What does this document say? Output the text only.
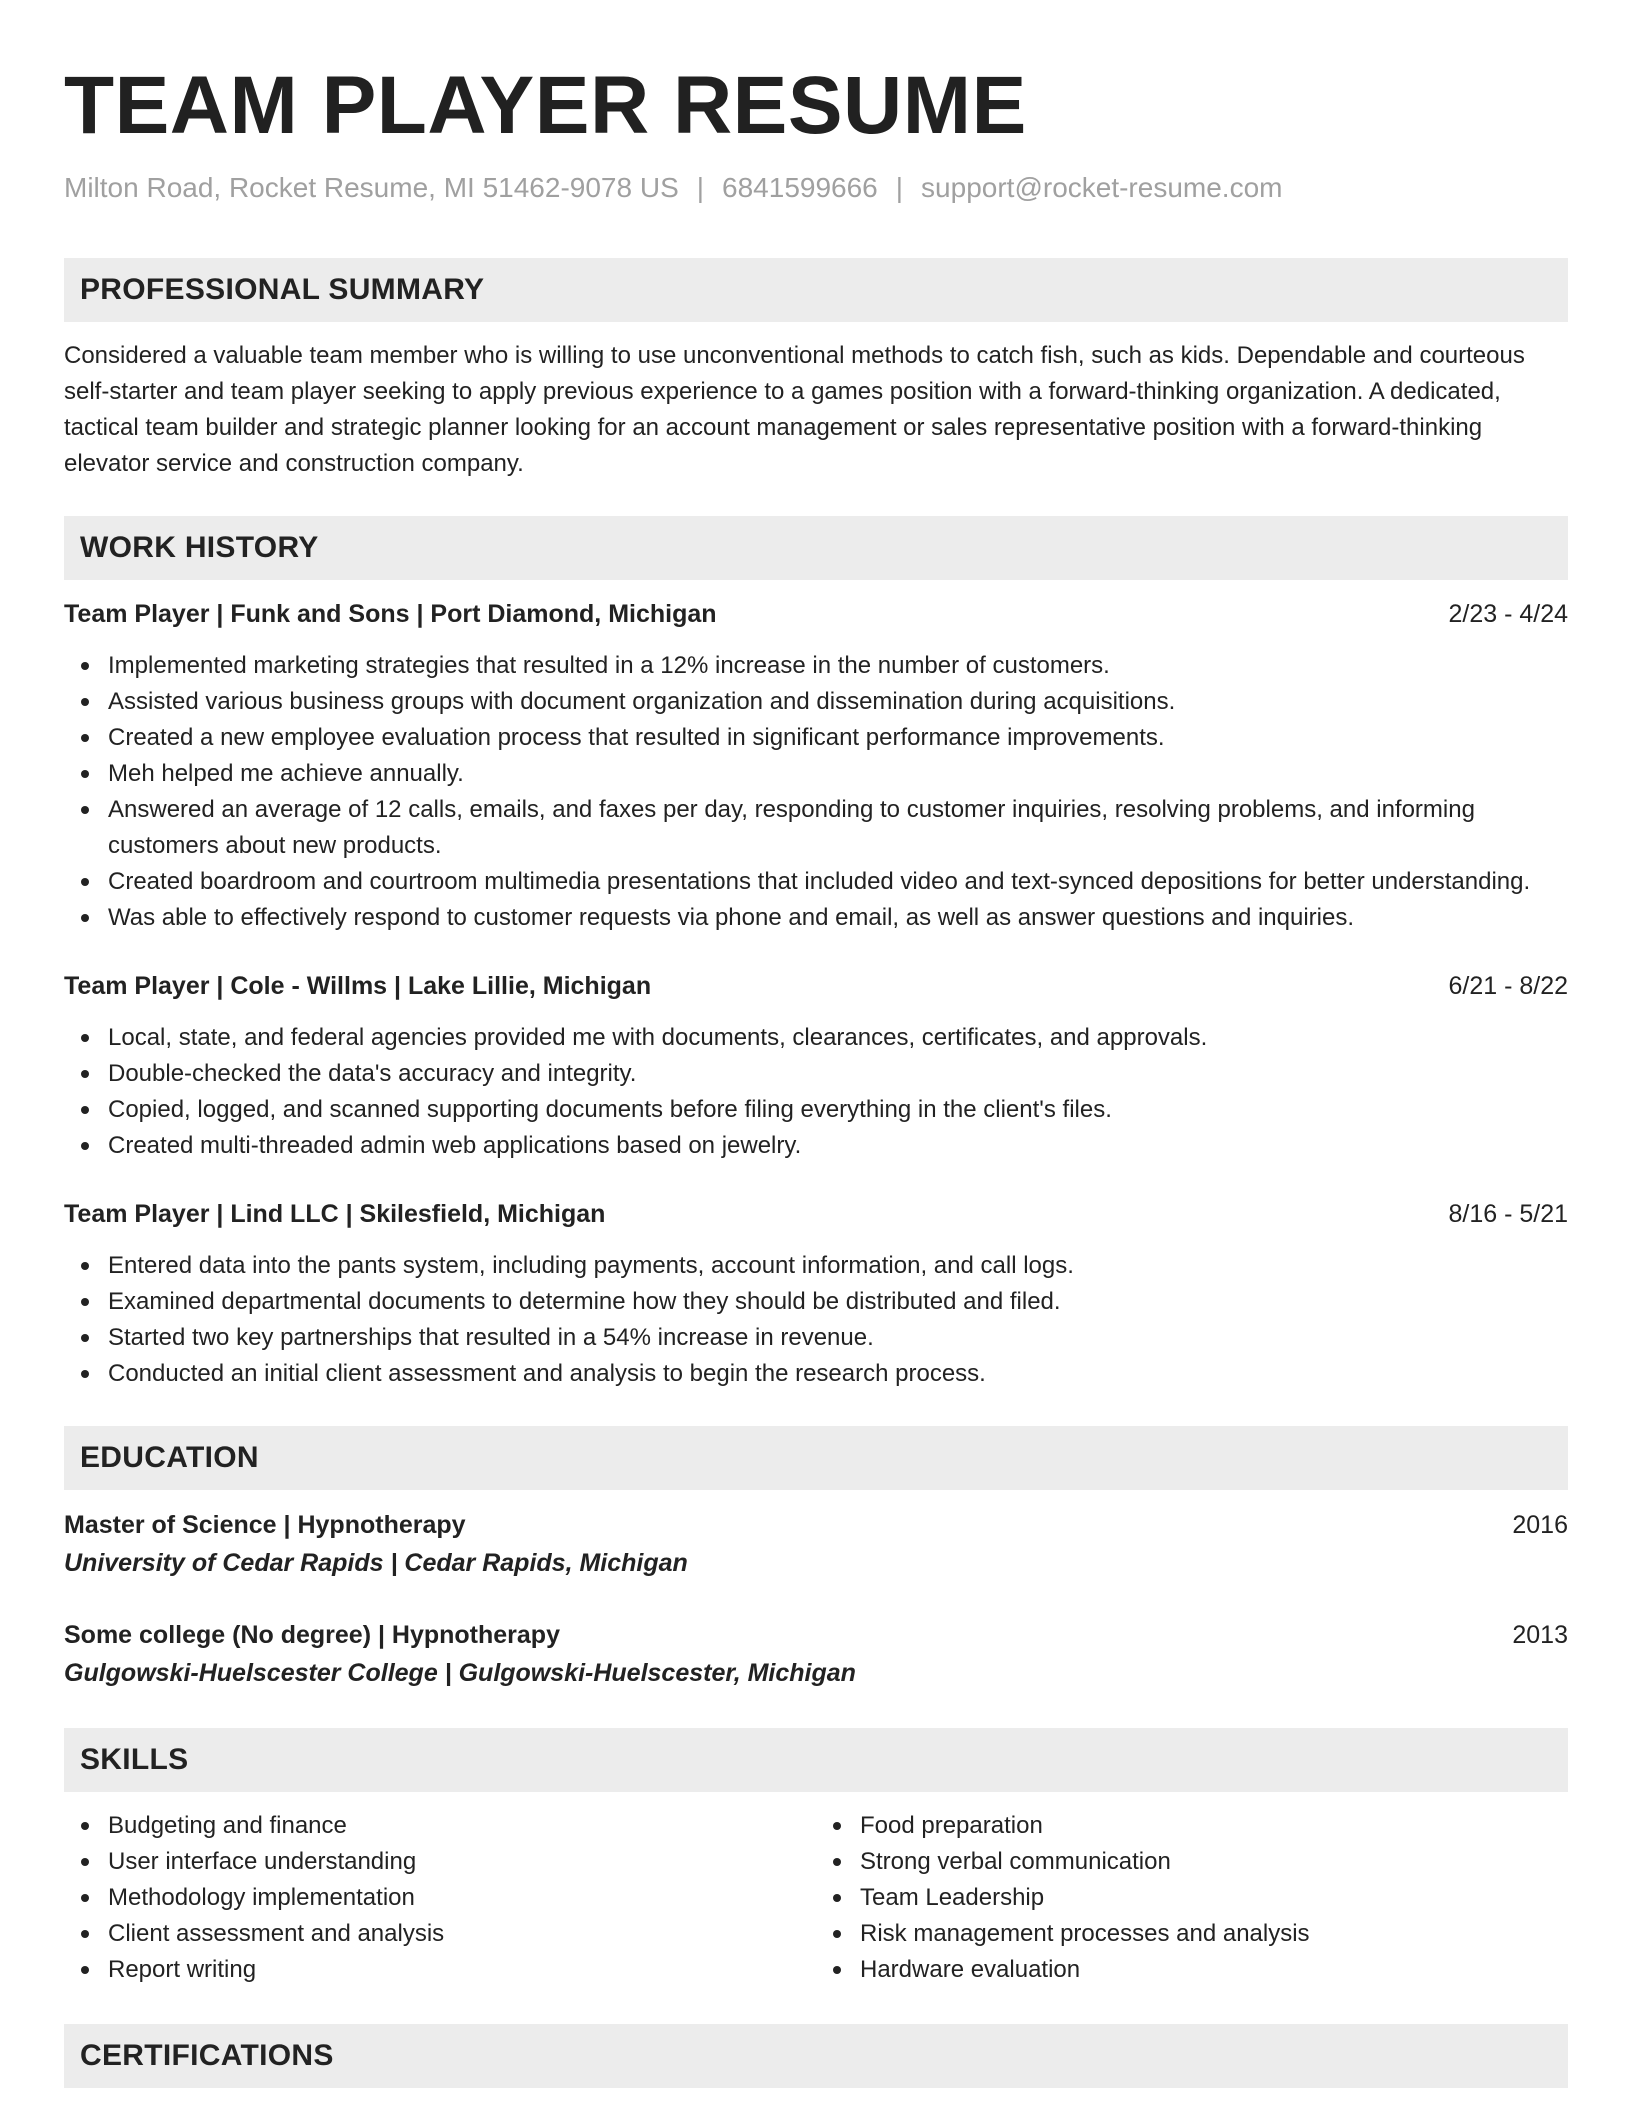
TEAM PLAYER RESUME
Milton Road, Rocket Resume, MI 51462-9078 US | 6841599666 | support@rocket-resume.com
PROFESSIONAL SUMMARY

Considered a valuable team member who is willing to use unconventional methods to catch fish, such as kids. Dependable and courteous self-starter and team player seeking to apply previous experience to a games position with a forward-thinking organization. A dedicated, tactical team builder and strategic planner looking for an account management or sales representative position with a forward-thinking elevator service and construction company.

WORK HISTORY
Team Player | Funk and Sons | Port Diamond, Michigan	2/23 - 4/24
Implemented marketing strategies that resulted in a 12% increase in the number of customers.
Assisted various business groups with document organization and dissemination during acquisitions.
Created a new employee evaluation process that resulted in significant performance improvements.
Meh helped me achieve annually.
Answered an average of 12 calls, emails, and faxes per day, responding to customer inquiries, resolving problems, and informing customers about new products.
Created boardroom and courtroom multimedia presentations that included video and text-synced depositions for better understanding.
Was able to effectively respond to customer requests via phone and email, as well as answer questions and inquiries.
Team Player | Cole - Willms | Lake Lillie, Michigan	6/21 - 8/22
Local, state, and federal agencies provided me with documents, clearances, certificates, and approvals.
Double-checked the data's accuracy and integrity.
Copied, logged, and scanned supporting documents before filing everything in the client's files.
Created multi-threaded admin web applications based on jewelry.
Team Player | Lind LLC | Skilesfield, Michigan	8/16 - 5/21
Entered data into the pants system, including payments, account information, and call logs.
Examined departmental documents to determine how they should be distributed and filed.
Started two key partnerships that resulted in a 54% increase in revenue.
Conducted an initial client assessment and analysis to begin the research process.
EDUCATION
Master of Science | Hypnotherapy	2016
University of Cedar Rapids | Cedar Rapids, Michigan
Some college (No degree) | Hypnotherapy	2013
Gulgowski-Huelscester College | Gulgowski-Huelscester, Michigan
SKILLS
Budgeting and finance
User interface understanding
Methodology implementation
Client assessment and analysis
Report writing
Food preparation
Strong verbal communication
Team Leadership
Risk management processes and analysis
Hardware evaluation
CERTIFICATIONS
